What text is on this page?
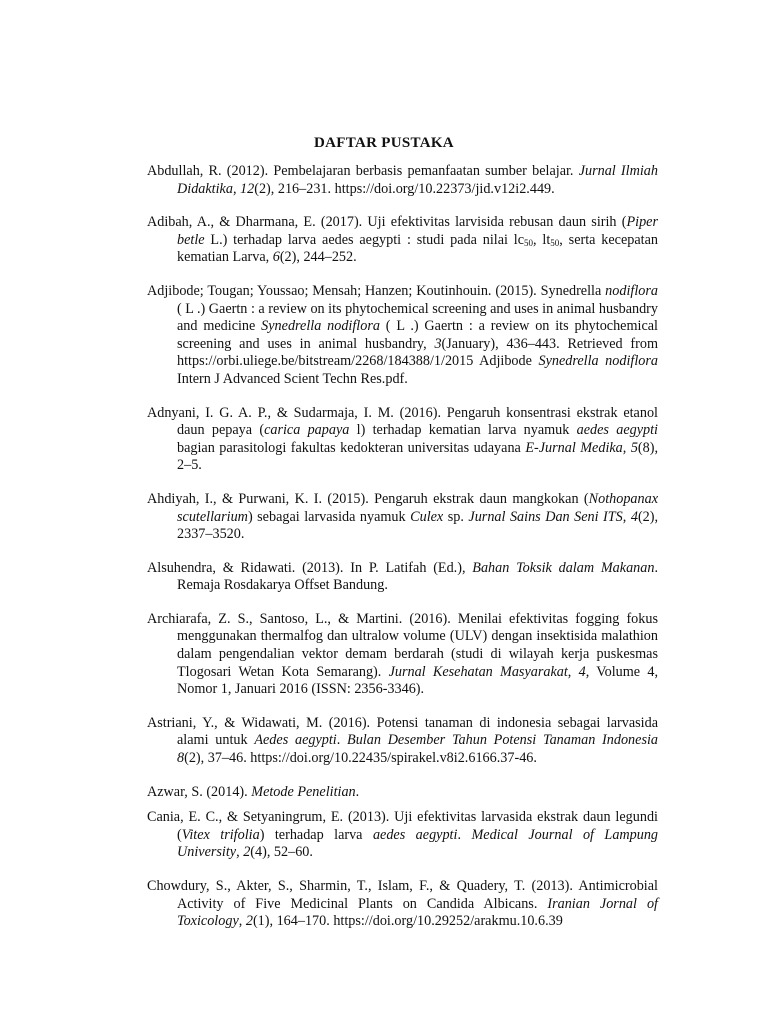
DAFTAR PUSTAKA

Abdullah, R. (2012). Pembelajaran berbasis pemanfaatan sumber belajar. Jurnal Ilmiah Didaktika, 12(2), 216–231. https://doi.org/10.22373/jid.v12i2.449.

Adibah, A., & Dharmana, E. (2017). Uji efektivitas larvisida rebusan daun sirih (Piper betle L.) terhadap larva aedes aegypti : studi pada nilai $lc_{50}$, $lt_{50}$, serta kecepatan kematian Larva, 6(2), 244–252.

Adjibode; Tougan; Youssao; Mensah; Hanzen; Koutinhouin. (2015). Synedrella nodiflora ( L .) Gaertn : a review on its phytochemical screening and uses in animal husbandry and medicine Synedrella nodiflora ( L .) Gaertn : a review on its phytochemical screening and uses in animal husbandry, 3(January), 436–443. Retrieved from https://orbi.uliege.be/bitstream/2268/184388/1/2015 Adjibode Synedrella nodiflora Intern J Advanced Scient Techn Res.pdf.

Adnyani, I. G. A. P., & Sudarmaja, I. M. (2016). Pengaruh konsentrasi ekstrak etanol daun pepaya (carica papaya l) terhadap kematian larva nyamuk aedes aegypti bagian parasitologi fakultas kedokteran universitas udayana E-Jurnal Medika, 5(8), 2–5.

Ahdiyah, I., & Purwani, K. I. (2015). Pengaruh ekstrak daun mangkokan (Nothopanax scutellarium) sebagai larvasida nyamuk Culex sp. Jurnal Sains Dan Seni ITS, 4(2), 2337–3520.

Alsuhendra, & Ridawati. (2013). In P. Latifah (Ed.), Bahan Toksik dalam Makanan. Remaja Rosdakarya Offset Bandung.

Archiarafa, Z. S., Santoso, L., & Martini. (2016). Menilai efektivitas fogging fokus menggunakan thermalfog dan ultralow volume (ULV) dengan insektisida malathion dalam pengendalian vektor demam berdarah (studi di wilayah kerja puskesmas Tlogosari Wetan Kota Semarang). Jurnal Kesehatan Masyarakat, 4, Volume 4, Nomor 1, Januari 2016 (ISSN: 2356-3346).

Astriani, Y., & Widawati, M. (2016). Potensi tanaman di indonesia sebagai larvasida alami untuk Aedes aegypti. Bulan Desember Tahun Potensi Tanaman Indonesia 8(2), 37–46. https://doi.org/10.22435/spirakel.v8i2.6166.37-46.

Azwar, S. (2014). Metode Penelitian.

Cania, E. C., & Setyaningrum, E. (2013). Uji efektivitas larvasida ekstrak daun legundi (Vitex trifolia) terhadap larva aedes aegypti. Medical Journal of Lampung University, 2(4), 52–60.

Chowdury, S., Akter, S., Sharmin, T., Islam, F., & Quadery, T. (2013). Antimicrobial Activity of Five Medicinal Plants on Candida Albicans. Iranian Jornal of Toxicology, 2(1), 164–170. https://doi.org/10.29252/arakmu.10.6.39
